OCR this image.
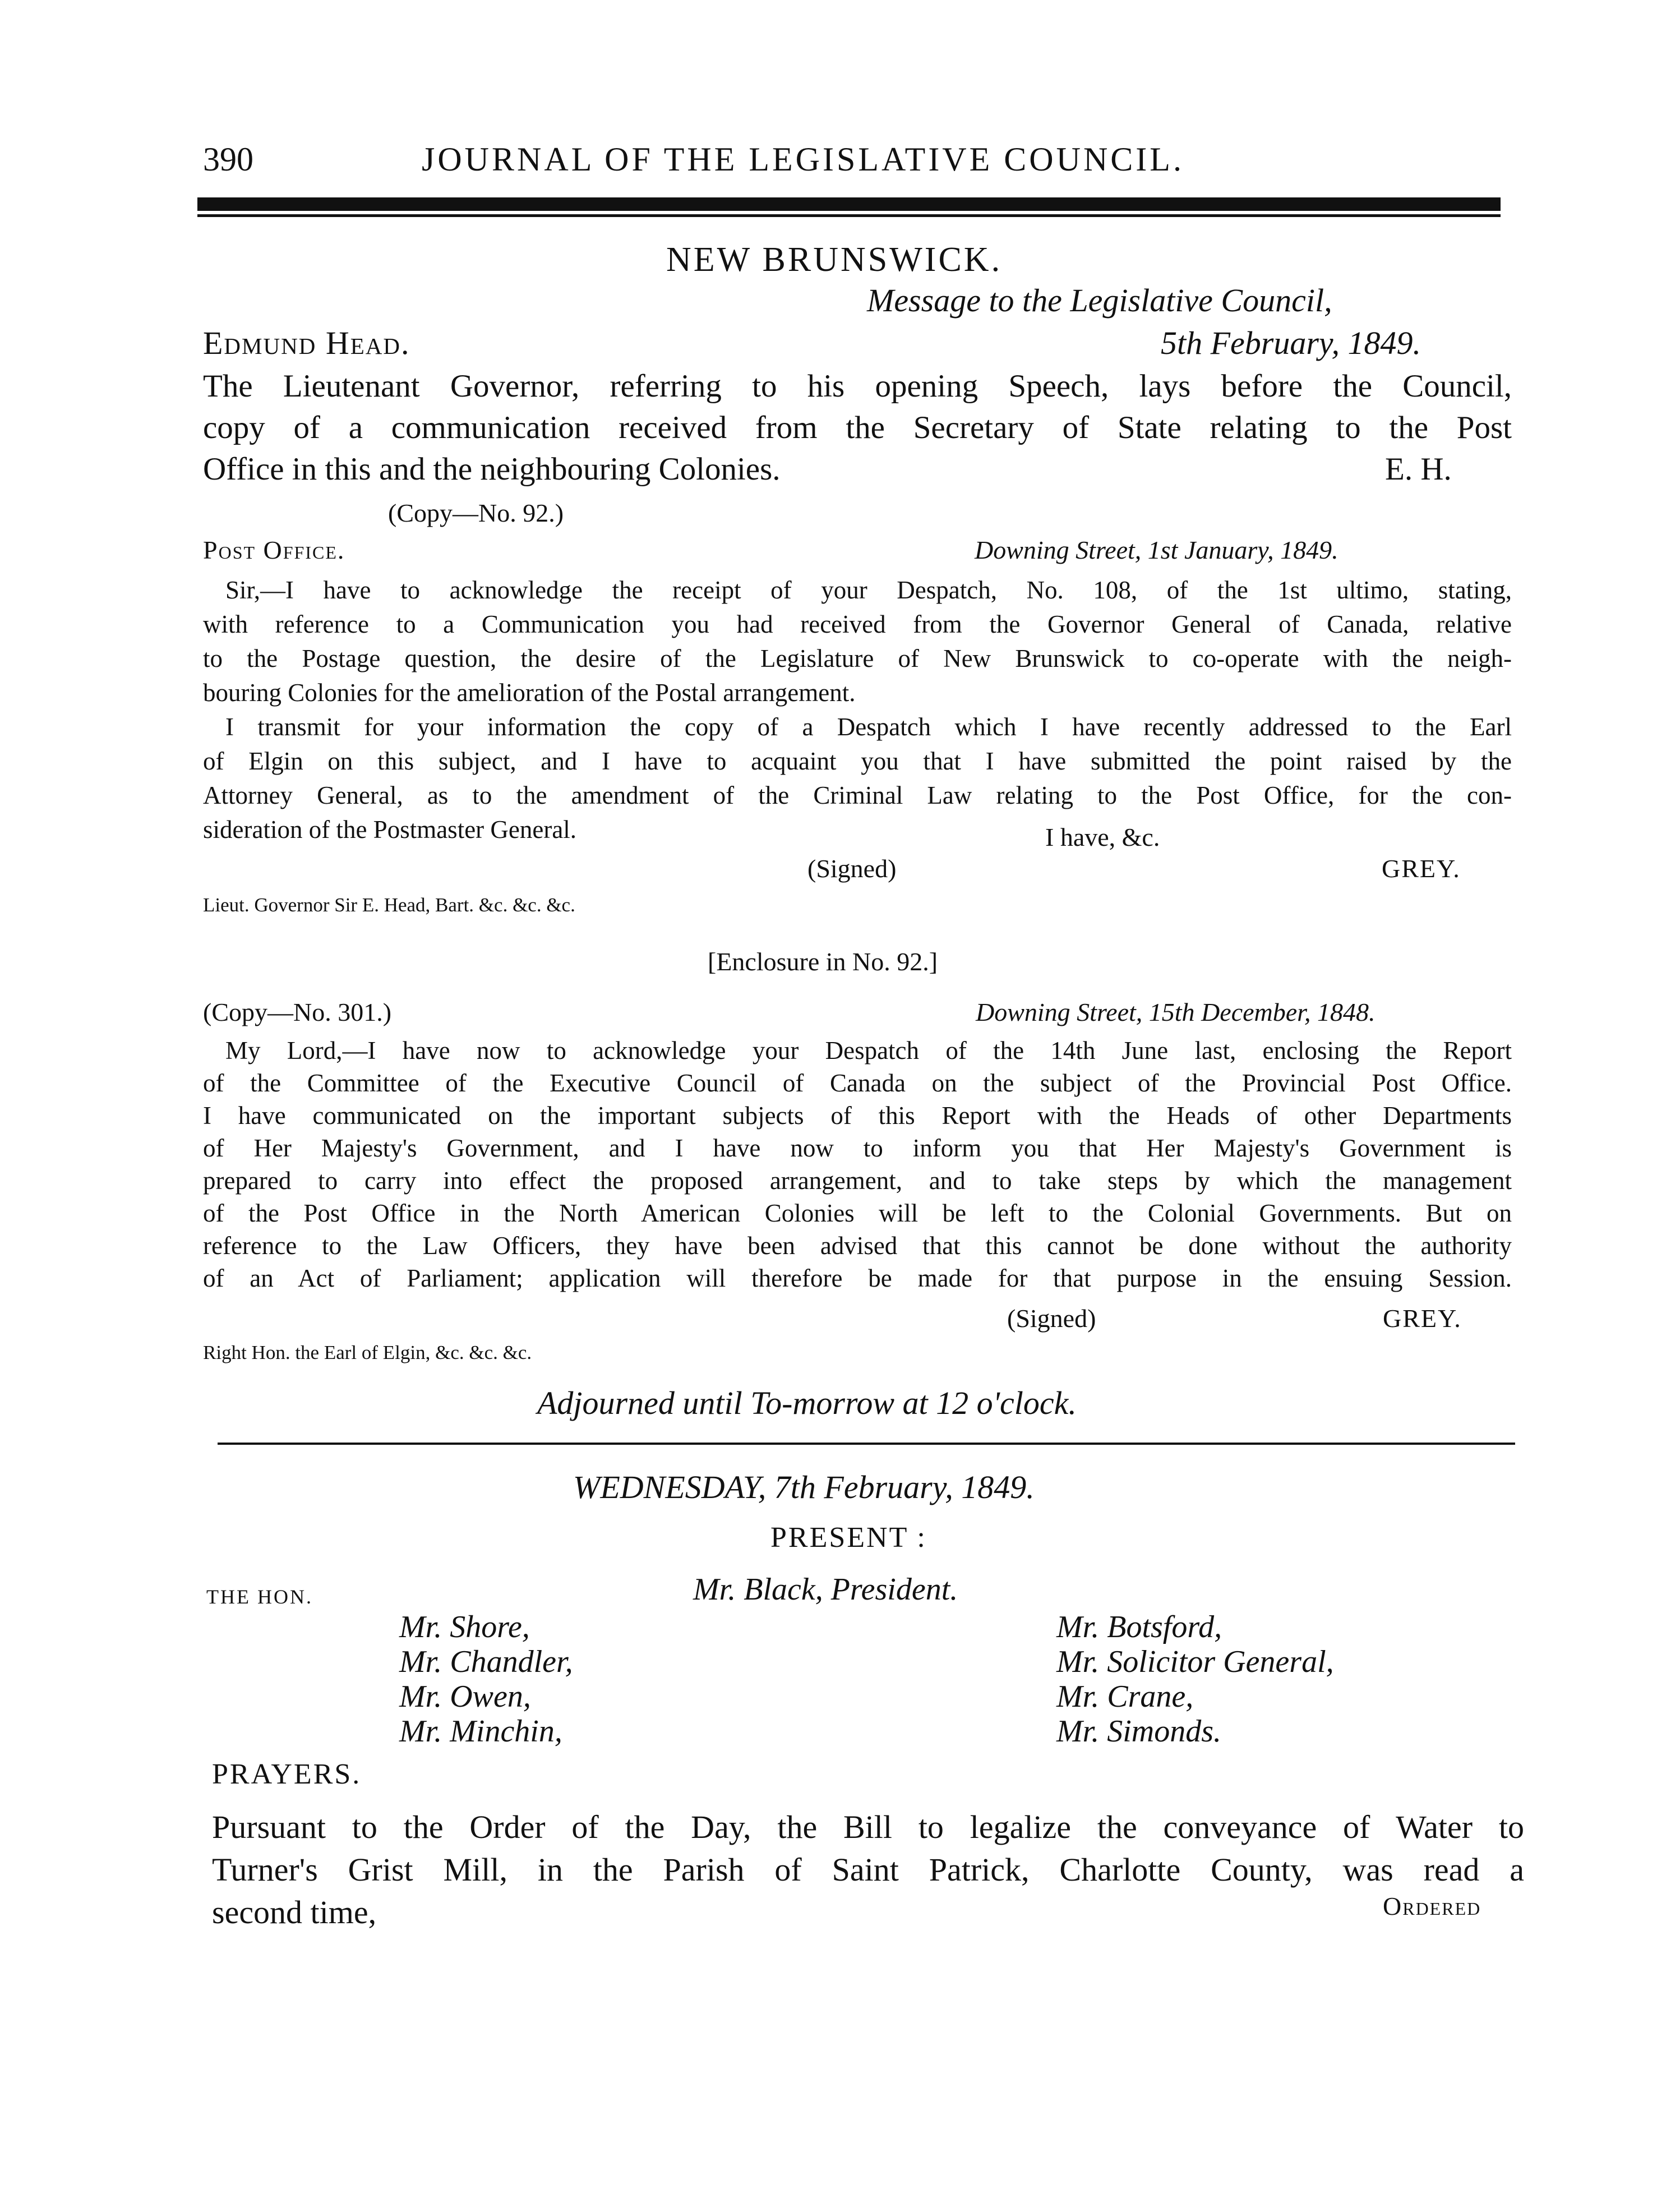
390	JOURNAL OF THE LEGISLATIVE COUNCIL.
NEW BRUNSWICK.
Message to the Legislative Council,
Edmund Head.	5th February, 1849.
The Lieutenant Governor, referring to his opening Speech, lays before the Council,
copy of a communication received from the Secretary of State relating to the Post
Office in this and the neighbouring Colonies.	E. H.
(Copy—No. 92.)
Post Office.	Downing Street, 1st January, 1849.
Sir,—I have to acknowledge the receipt of your Despatch, No. 108, of the 1st ultimo, stating,
with reference to a Communication you had received from the Governor General of Canada, relative
to the Postage question, the desire of the Legislature of New Brunswick to co-operate with the neigh-
bouring Colonies for the amelioration of the Postal arrangement.
I transmit for your information the copy of a Despatch which I have recently addressed to the Earl
of Elgin on this subject, and I have to acquaint you that I have submitted the point raised by the
Attorney General, as to the amendment of the Criminal Law relating to the Post Office, for the con-
sideration of the Postmaster General.	I have, &c.
(Signed)	GREY.
Lieut. Governor Sir E. Head, Bart. &c. &c. &c.
[Enclosure in No. 92.]
(Copy—No. 301.)	Downing Street, 15th December, 1848.
My Lord,—I have now to acknowledge your Despatch of the 14th June last, enclosing the Report
of the Committee of the Executive Council of Canada on the subject of the Provincial Post Office.
I have communicated on the important subjects of this Report with the Heads of other Departments
of Her Majesty's Government, and I have now to inform you that Her Majesty's Government is
prepared to carry into effect the proposed arrangement, and to take steps by which the management
of the Post Office in the North American Colonies will be left to the Colonial Governments. But on
reference to the Law Officers, they have been advised that this cannot be done without the authority
of an Act of Parliament; application will therefore be made for that purpose in the ensuing Session.
(Signed)	GREY.
Right Hon. the Earl of Elgin, &c. &c. &c.
Adjourned until To-morrow at 12 o'clock.
WEDNESDAY, 7th February, 1849.
PRESENT :
THE HON.	Mr. Black, President.
Mr. Shore,
Mr. Chandler,
Mr. Owen,
Mr. Minchin,
Mr. Botsford,
Mr. Solicitor General,
Mr. Crane,
Mr. Simonds.
PRAYERS.
Pursuant to the Order of the Day, the Bill to legalize the conveyance of Water to
Turner's Grist Mill, in the Parish of Saint Patrick, Charlotte County, was read a
second time,	Ordered
